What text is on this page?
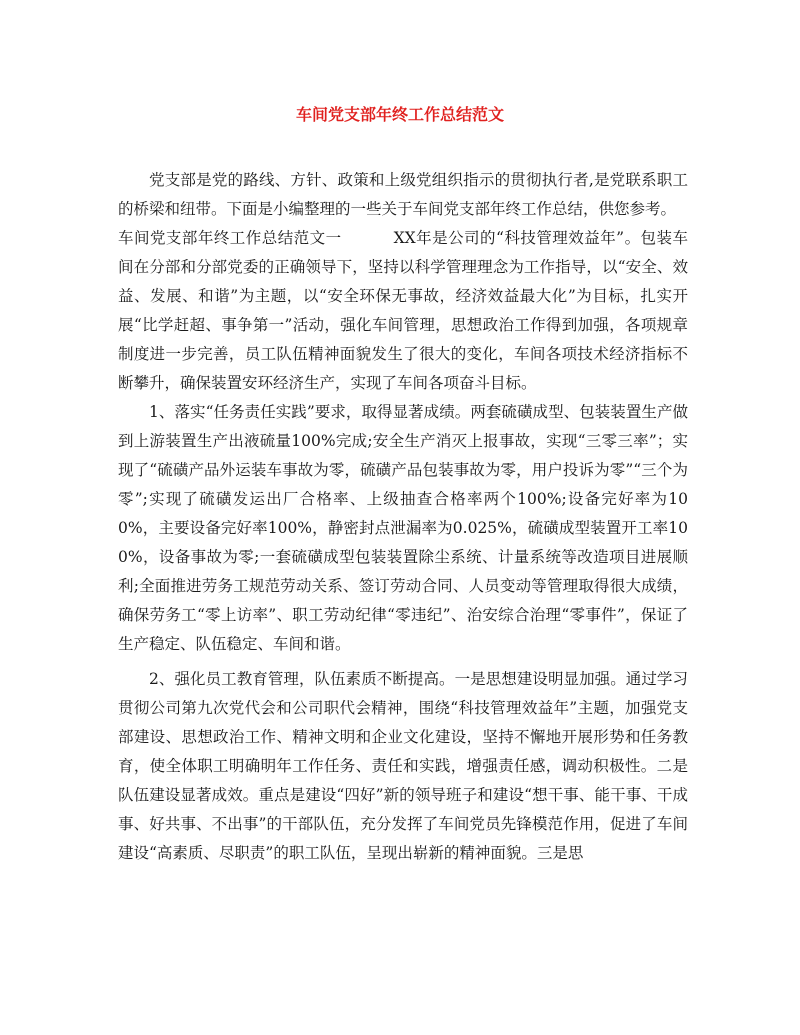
车间党支部年终工作总结范文

党支部是党的路线、方针、政策和上级党组织指示的贯彻执行者,是党联系职工的桥梁和纽带。下面是小编整理的一些关于车间党支部年终工作总结，供您参考。

车间党支部年终工作总结范文一	XX年是公司的“科技管理效益年”。包装车间在分部和分部党委的正确领导下，坚持以科学管理理念为工作指导，以“安全、效益、发展、和谐”为主题，以“安全环保无事故，经济效益最大化”为目标，扎实开展“比学赶超、事争第一”活动，强化车间管理，思想政治工作得到加强，各项规章制度进一步完善，员工队伍精神面貌发生了很大的变化，车间各项技术经济指标不断攀升，确保装置安环经济生产，实现了车间各项奋斗目标。

1、落实“任务责任实践”要求，取得显著成绩。两套硫磺成型、包装装置生产做到上游装置生产出液硫量100%完成;安全生产消灭上报事故，实现“三零三率”；实现了“硫磺产品外运装车事故为零，硫磺产品包装事故为零，用户投诉为零”“三个为零”;实现了硫磺发运出厂合格率、上级抽查合格率两个100%;设备完好率为100%，主要设备完好率100%，静密封点泄漏率为0.025%，硫磺成型装置开工率100%，设备事故为零;一套硫磺成型包装装置除尘系统、计量系统等改造项目进展顺利;全面推进劳务工规范劳动关系、签订劳动合同、人员变动等管理取得很大成绩，确保劳务工“零上访率”、职工劳动纪律“零违纪”、治安综合治理“零事件”，保证了生产稳定、队伍稳定、车间和谐。

2、强化员工教育管理，队伍素质不断提高。一是思想建设明显加强。通过学习贯彻公司第九次党代会和公司职代会精神，围绕“科技管理效益年”主题，加强党支部建设、思想政治工作、精神文明和企业文化建设，坚持不懈地开展形势和任务教育，使全体职工明确明年工作任务、责任和实践，增强责任感，调动积极性。二是队伍建设显著成效。重点是建设“四好”新的领导班子和建设“想干事、能干事、干成事、好共事、不出事”的干部队伍，充分发挥了车间党员先锋模范作用，促进了车间建设“高素质、尽职责”的职工队伍，呈现出崭新的精神面貌。三是思
